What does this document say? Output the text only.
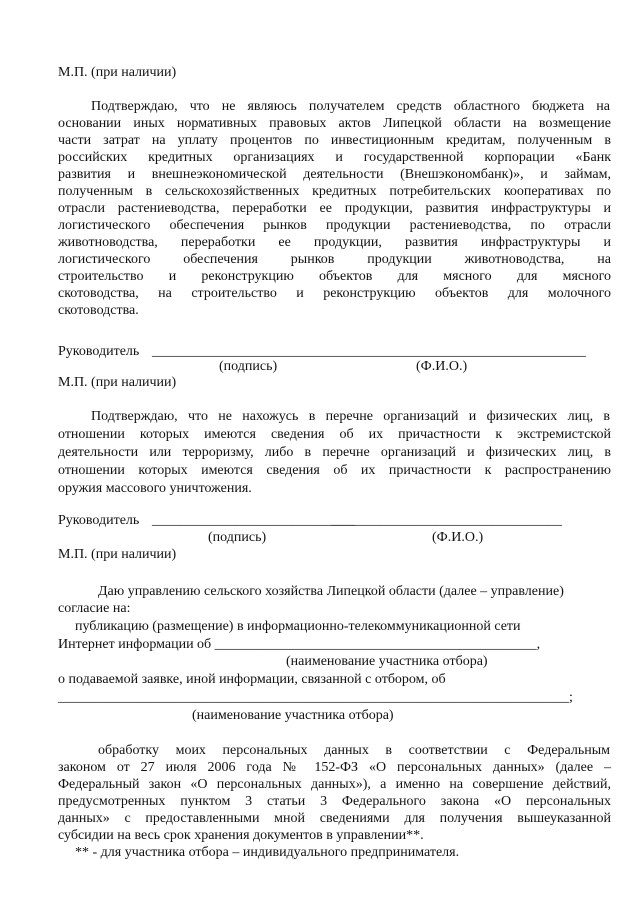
М.П. (при наличии)
Подтверждаю, что не являюсь получателем средств областного бюджета на
основании иных нормативных правовых актов Липецкой области на возмещение
части затрат на уплату процентов по инвестиционным кредитам, полученным в
российских кредитных организациях и государственной корпорации «Банк
развития и внешнеэкономической деятельности (Внешэкономбанк)», и займам,
полученным в сельскохозяйственных кредитных потребительских кооперативах по
отрасли растениеводства, переработки ее продукции, развития инфраструктуры и
логистического обеспечения рынков продукции растениеводства, по отрасли
животноводства, переработки ее продукции, развития инфраструктуры и
логистического обеспечения рынков продукции животноводства, на
строительство и реконструкцию объектов для мясного для мясного
скотоводства, на строительство и реконструкцию объектов для молочного
скотоводства.
Руководитель ______________________________________________________________
(подпись)	(Ф.И.О.)
М.П. (при наличии)
Подтверждаю, что не нахожусь в перечне организаций и физических лиц, в
отношении которых имеются сведения об их причастности к экстремистской
деятельности или терроризму, либо в перечне организаций и физических лиц, в
отношении которых имеются сведения об их причастности к распространению
оружия массового уничтожения.
Руководитель _____________________________
_________________________________
(подпись)	(Ф.И.О.)
М.П. (при наличии)
Даю управлению сельского хозяйства Липецкой области (далее – управление)
согласие на:
публикацию (размещение) в информационно-телекоммуникационной сети
Интернет информации об ______________________________________________,
(наименование участника отбора)
о подаваемой заявке, иной информации, связанной с отбором, об
_________________________________________________________________________;
(наименование участника отбора)
обработку моих персональных данных в соответствии с Федеральным
законом от 27 июля 2006 года № 152-ФЗ «О персональных данных» (далее –
Федеральный закон «О персональных данных»), а именно на совершение действий,
предусмотренных пунктом 3 статьи 3 Федерального закона «О персональных
данных» с предоставленными мной сведениями для получения вышеуказанной
субсидии на весь срок хранения документов в управлении**.
** - для участника отбора – индивидуального предпринимателя.
